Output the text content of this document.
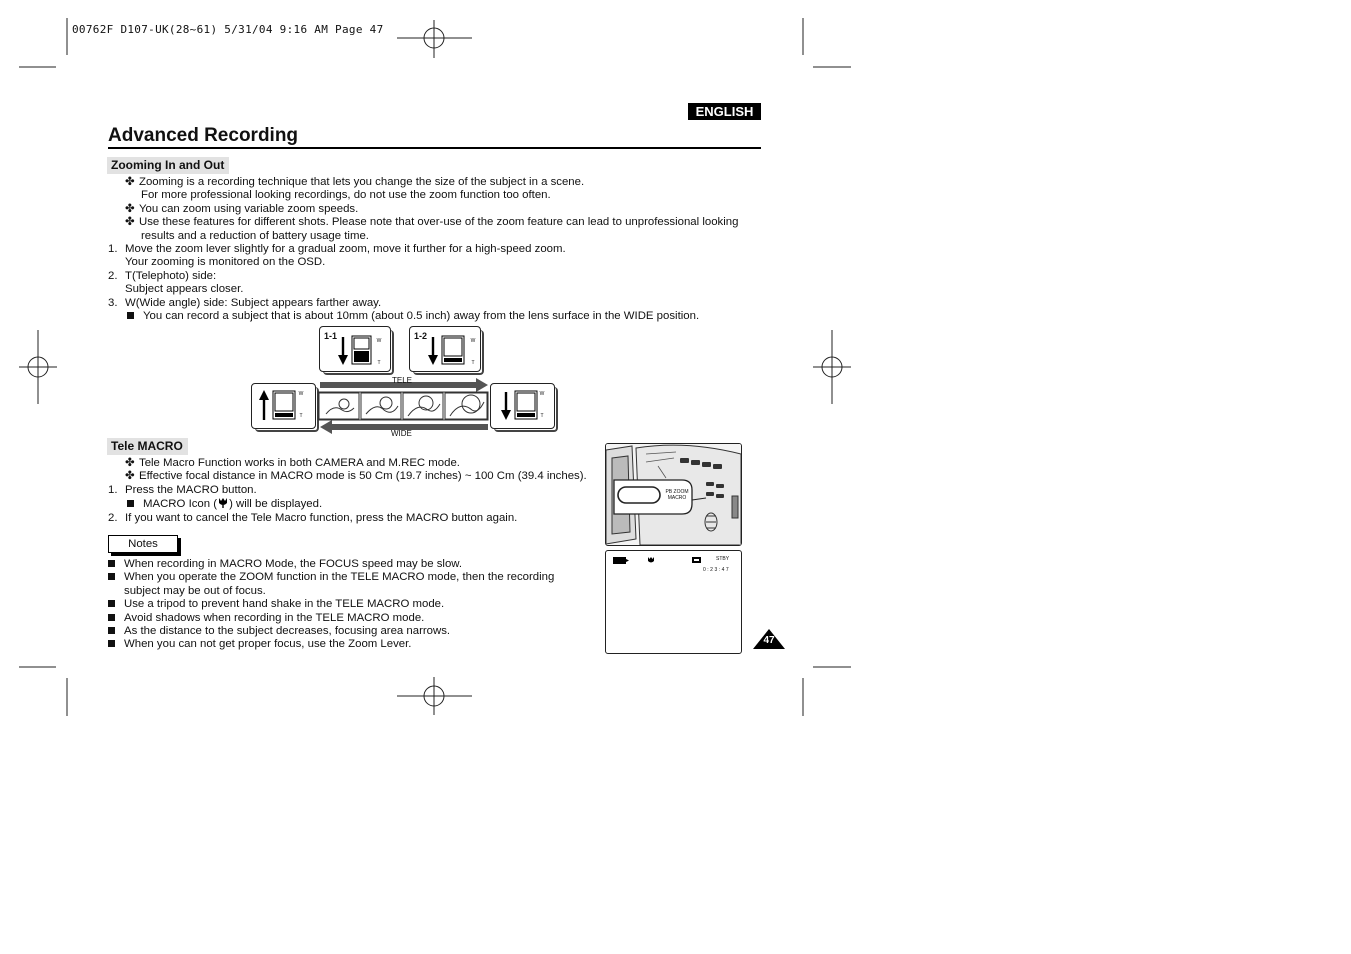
00762F D107-UK(28~61) 5/31/04 9:16 AM Page 47
ENGLISH
Advanced Recording
Zooming In and Out
✤ Zooming is a recording technique that lets you change the size of the subject in a scene.
For more professional looking recordings, do not use the zoom function too often.
✤ You can zoom using variable zoom speeds.
✤ Use these features for different shots. Please note that over-use of the zoom feature can lead to unprofessional looking
results and a reduction of battery usage time.
1. Move the zoom lever slightly for a gradual zoom, move it further for a high-speed zoom.
Your zooming is monitored on the OSD.
2. T(Telephoto) side:
Subject appears closer.
3. W(Wide angle) side: Subject appears farther away.
You can record a subject that is about 10mm (about 0.5 inch) away from the lens surface in the WIDE position.
1-1	W
T
1-2	W
T
W
T
W
T
TELE
WIDE
Tele MACRO
✤ Tele Macro Function works in both CAMERA and M.REC mode.
✤ Effective focal distance in MACRO mode is 50 Cm (19.7 inches) ~ 100 Cm (39.4 inches).
1. Press the MACRO button.
MACRO Icon ( ) will be displayed.
2. If you want to cancel the Tele Macro function, press the MACRO button again.
Notes
When recording in MACRO Mode, the FOCUS speed may be slow.
When you operate the ZOOM function in the TELE MACRO mode, then the recording
subject may be out of focus.
Use a tripod to prevent hand shake in the TELE MACRO mode.
Avoid shadows when recording in the TELE MACRO mode.
As the distance to the subject decreases, focusing area narrows.
When you can not get proper focus, use the Zoom Lever.
PB ZOOM
MACRO
STBY
0:23:47
47
